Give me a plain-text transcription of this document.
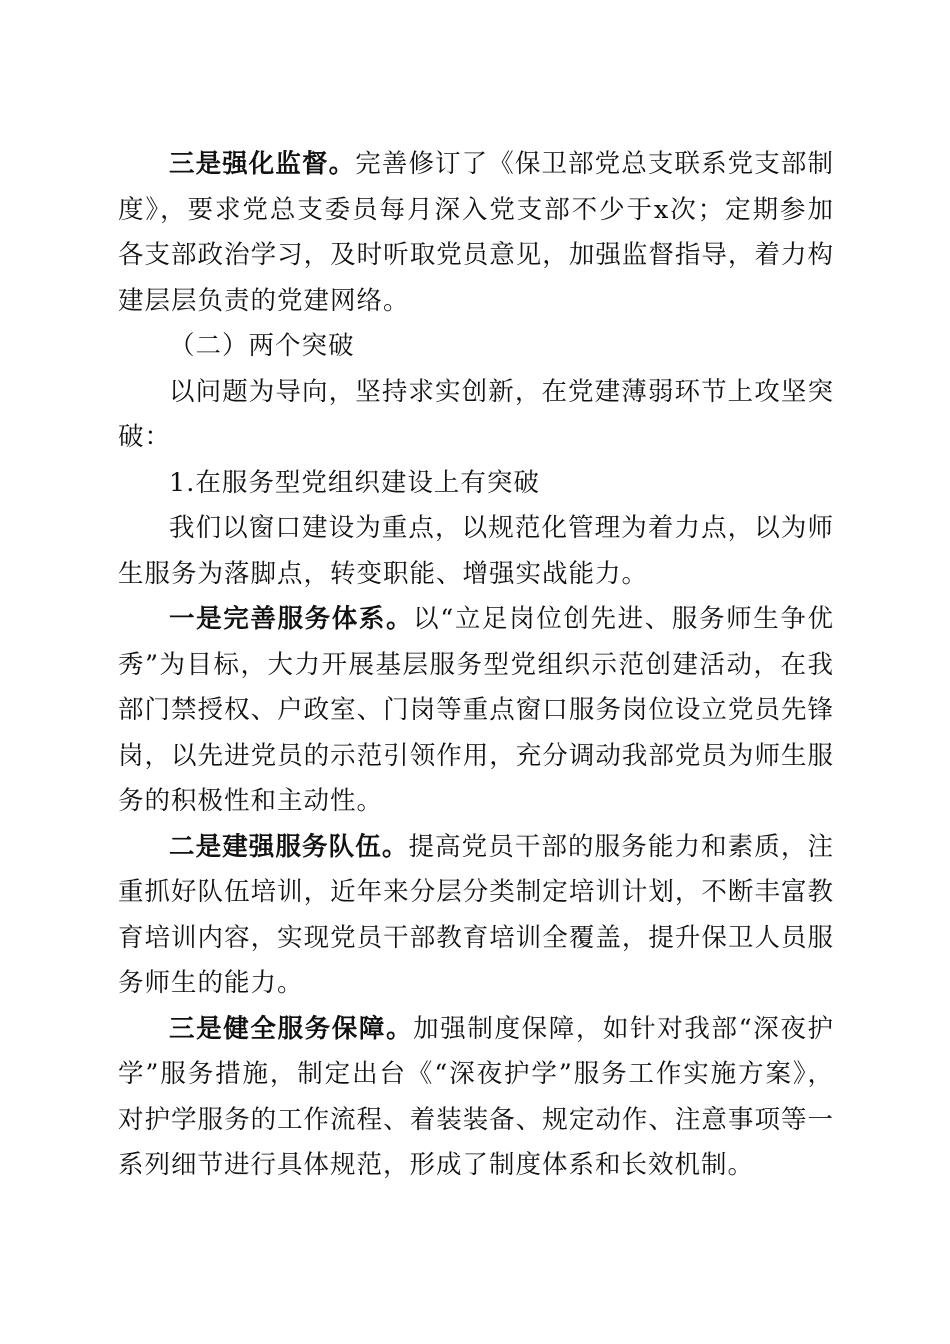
三是强化监督。完善修订了《保卫部党总支联系党支部制度》，要求党总支委员每月深入党支部不少于x次；定期参加各支部政治学习，及时听取党员意见，加强监督指导，着力构建层层负责的党建网络。

（二）两个突破

以问题为导向，坚持求实创新，在党建薄弱环节上攻坚突破：

1.在服务型党组织建设上有突破

我们以窗口建设为重点，以规范化管理为着力点，以为师生服务为落脚点，转变职能、增强实战能力。

一是完善服务体系。以“立足岗位创先进、服务师生争优秀”为目标，大力开展基层服务型党组织示范创建活动，在我部门禁授权、户政室、门岗等重点窗口服务岗位设立党员先锋岗，以先进党员的示范引领作用，充分调动我部党员为师生服务的积极性和主动性。

二是建强服务队伍。提高党员干部的服务能力和素质，注重抓好队伍培训，近年来分层分类制定培训计划，不断丰富教育培训内容，实现党员干部教育培训全覆盖，提升保卫人员服务师生的能力。

三是健全服务保障。加强制度保障，如针对我部“深夜护学”服务措施，制定出台《“深夜护学”服务工作实施方案》，对护学服务的工作流程、着装装备、规定动作、注意事项等一系列细节进行具体规范，形成了制度体系和长效机制。
